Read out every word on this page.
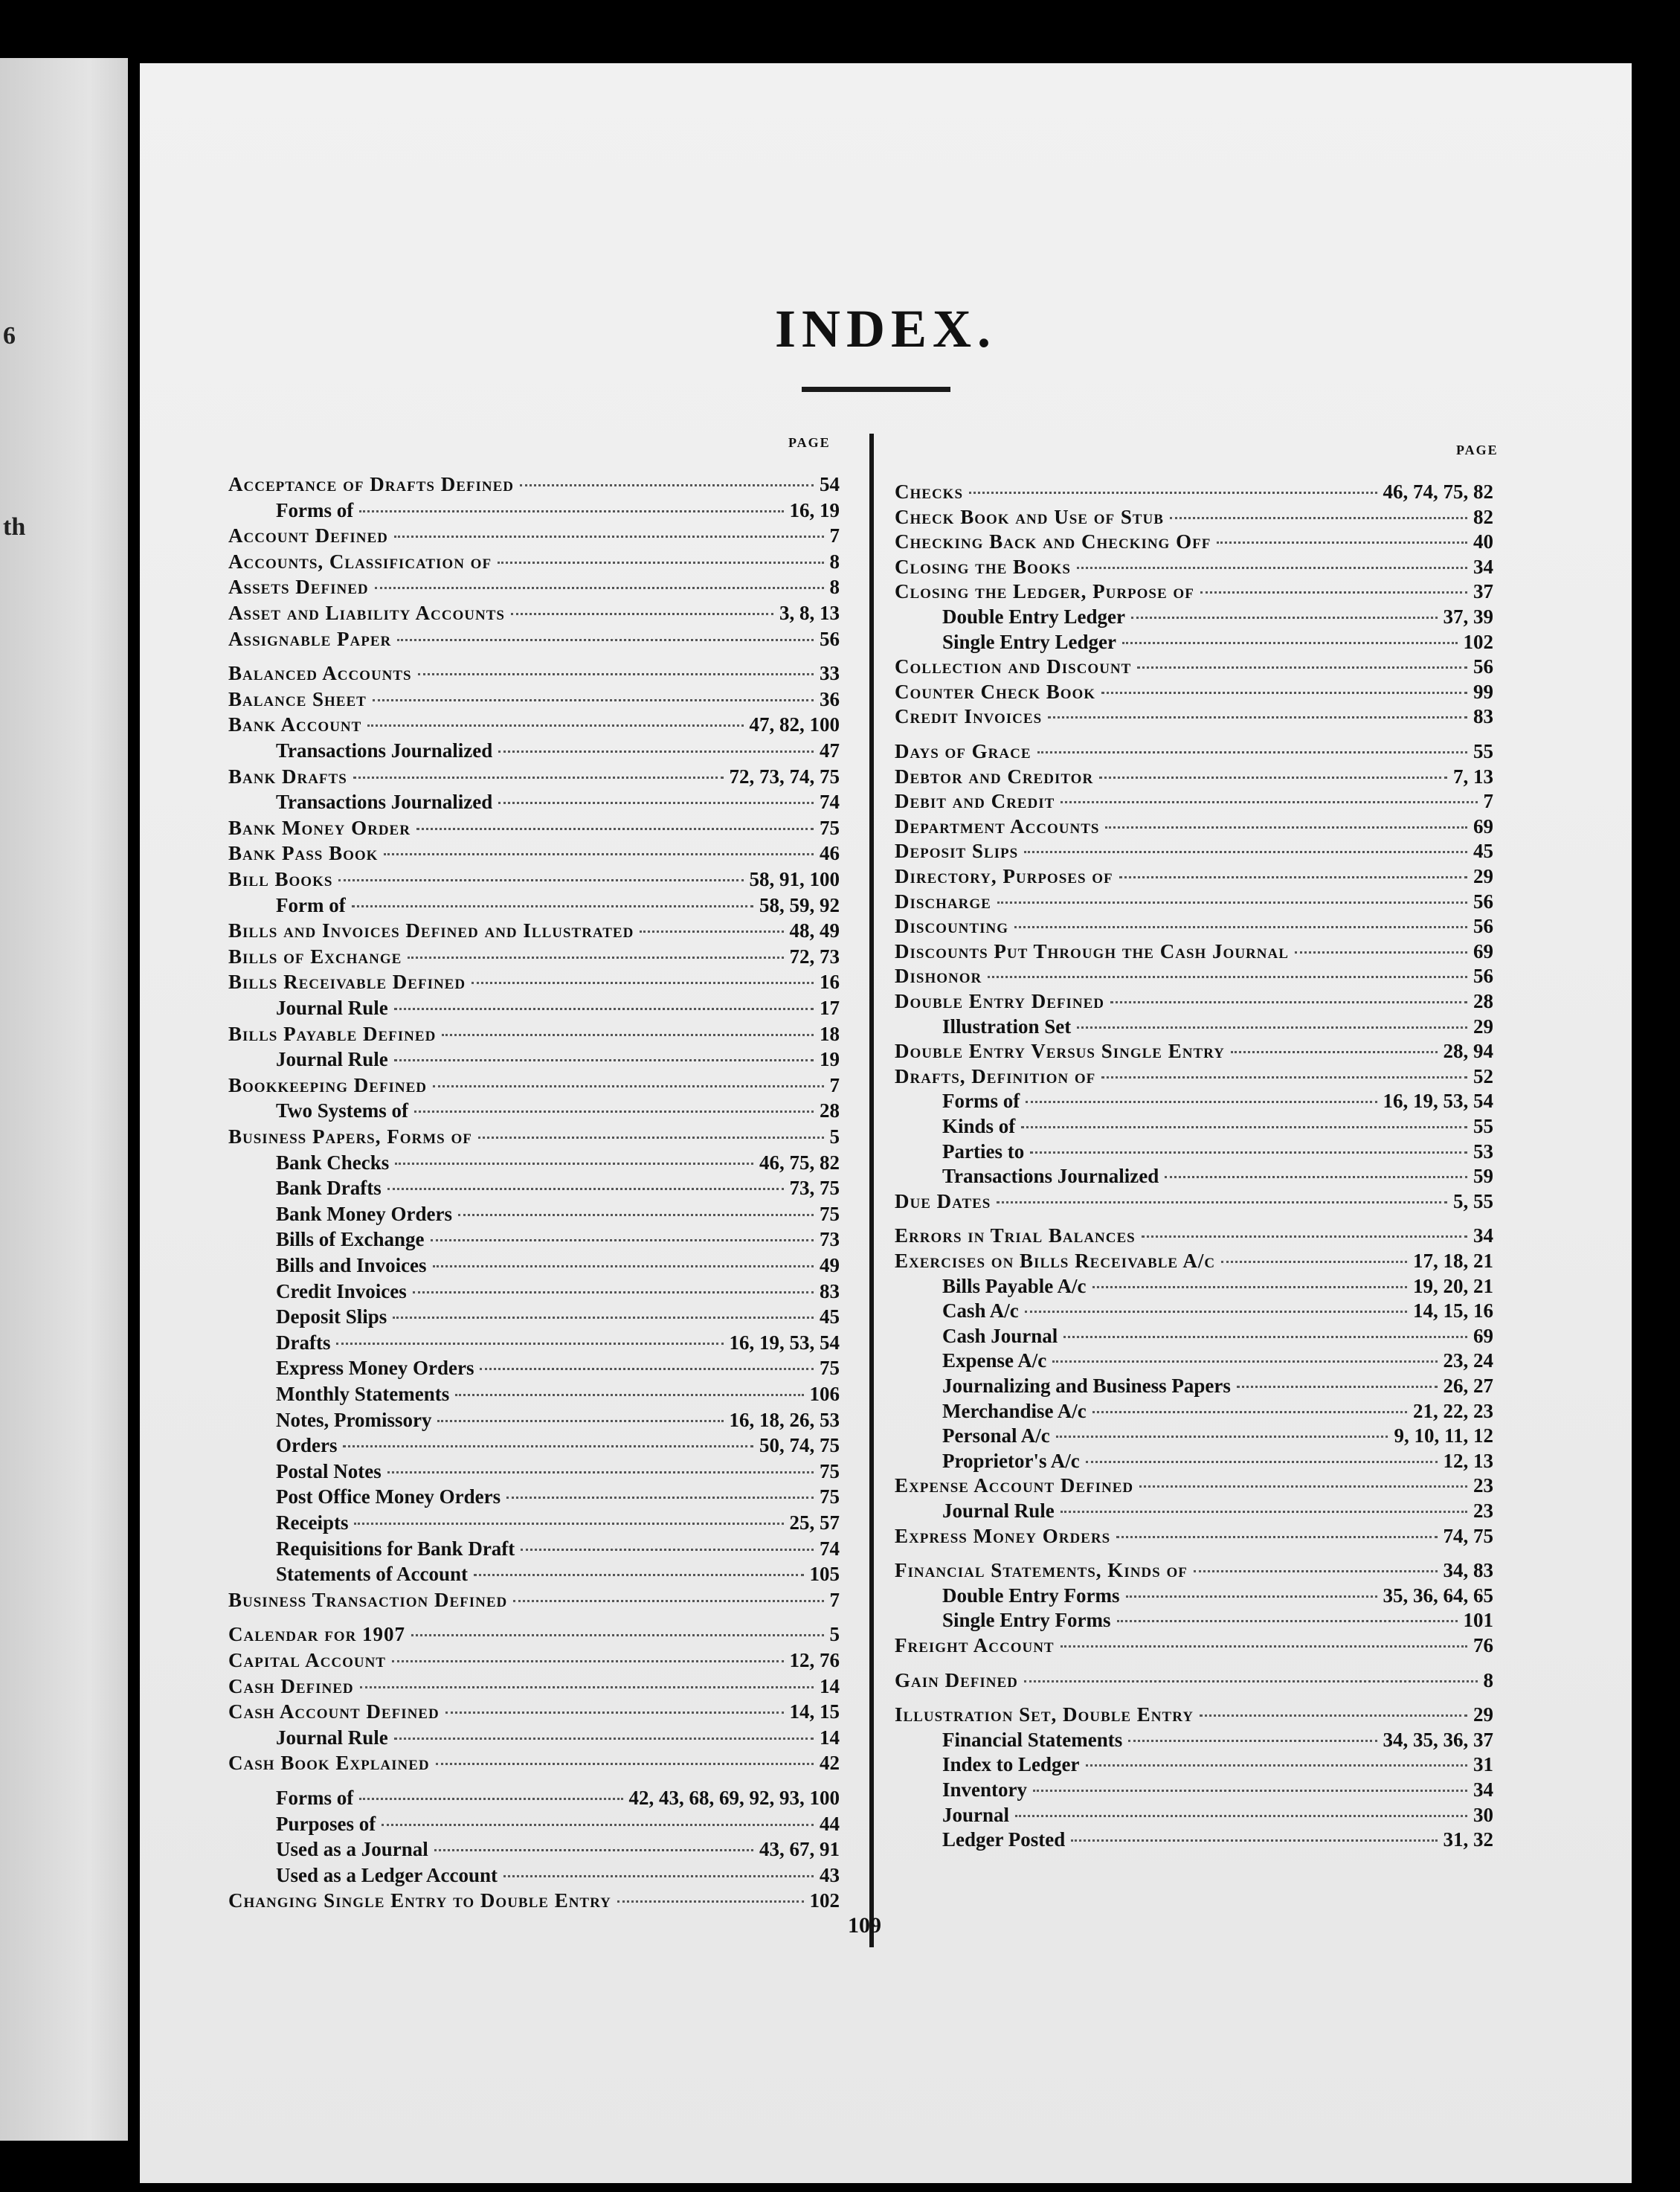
6
th
INDEX.
PAGE	PAGE
Acceptance of Drafts Defined	54
Forms of	16, 19
Account Defined	7
Accounts, Classification of	8
Assets Defined	8
Asset and Liability Accounts	3, 8, 13
Assignable Paper	56
Balanced Accounts	33
Balance Sheet	36
Bank Account	47, 82, 100
Transactions Journalized	47
Bank Drafts	72, 73, 74, 75
Transactions Journalized	74
Bank Money Order	75
Bank Pass Book	46
Bill Books	58, 91, 100
Form of	58, 59, 92
Bills and Invoices Defined and Illustrated	48, 49
Bills of Exchange	72, 73
Bills Receivable Defined	16
Journal Rule	17
Bills Payable Defined	18
Journal Rule	19
Bookkeeping Defined	7
Two Systems of	28
Business Papers, Forms of	5
Bank Checks	46, 75, 82
Bank Drafts	73, 75
Bank Money Orders	75
Bills of Exchange	73
Bills and Invoices	49
Credit Invoices	83
Deposit Slips	45
Drafts	16, 19, 53, 54
Express Money Orders	75
Monthly Statements	106
Notes, Promissory	16, 18, 26, 53
Orders	50, 74, 75
Postal Notes	75
Post Office Money Orders	75
Receipts	25, 57
Requisitions for Bank Draft	74
Statements of Account	105
Business Transaction Defined	7
Calendar for 1907	5
Capital Account	12, 76
Cash Defined	14
Cash Account Defined	14, 15
Journal Rule	14
Cash Book Explained	42
Forms of	42, 43, 68, 69, 92, 93, 100
Purposes of	44
Used as a Journal	43, 67, 91
Used as a Ledger Account	43
Changing Single Entry to Double Entry	102
Checks	46, 74, 75, 82
Check Book and Use of Stub	82
Checking Back and Checking Off	40
Closing the Books	34
Closing the Ledger, Purpose of	37
Double Entry Ledger	37, 39
Single Entry Ledger	102
Collection and Discount	56
Counter Check Book	99
Credit Invoices	83
Days of Grace	55
Debtor and Creditor	7, 13
Debit and Credit	7
Department Accounts	69
Deposit Slips	45
Directory, Purposes of	29
Discharge	56
Discounting	56
Discounts Put Through the Cash Journal	69
Dishonor	56
Double Entry Defined	28
Illustration Set	29
Double Entry Versus Single Entry	28, 94
Drafts, Definition of	52
Forms of	16, 19, 53, 54
Kinds of	55
Parties to	53
Transactions Journalized	59
Due Dates	5, 55
Errors in Trial Balances	34
Exercises on Bills Receivable A/c	17, 18, 21
Bills Payable A/c	19, 20, 21
Cash A/c	14, 15, 16
Cash Journal	69
Expense A/c	23, 24
Journalizing and Business Papers	26, 27
Merchandise A/c	21, 22, 23
Personal A/c	9, 10, 11, 12
Proprietor's A/c	12, 13
Expense Account Defined	23
Journal Rule	23
Express Money Orders	74, 75
Financial Statements, Kinds of	34, 83
Double Entry Forms	35, 36, 64, 65
Single Entry Forms	101
Freight Account	76
Gain Defined	8
Illustration Set, Double Entry	29
Financial Statements	34, 35, 36, 37
Index to Ledger	31
Inventory	34
Journal	30
Ledger Posted	31, 32
109
